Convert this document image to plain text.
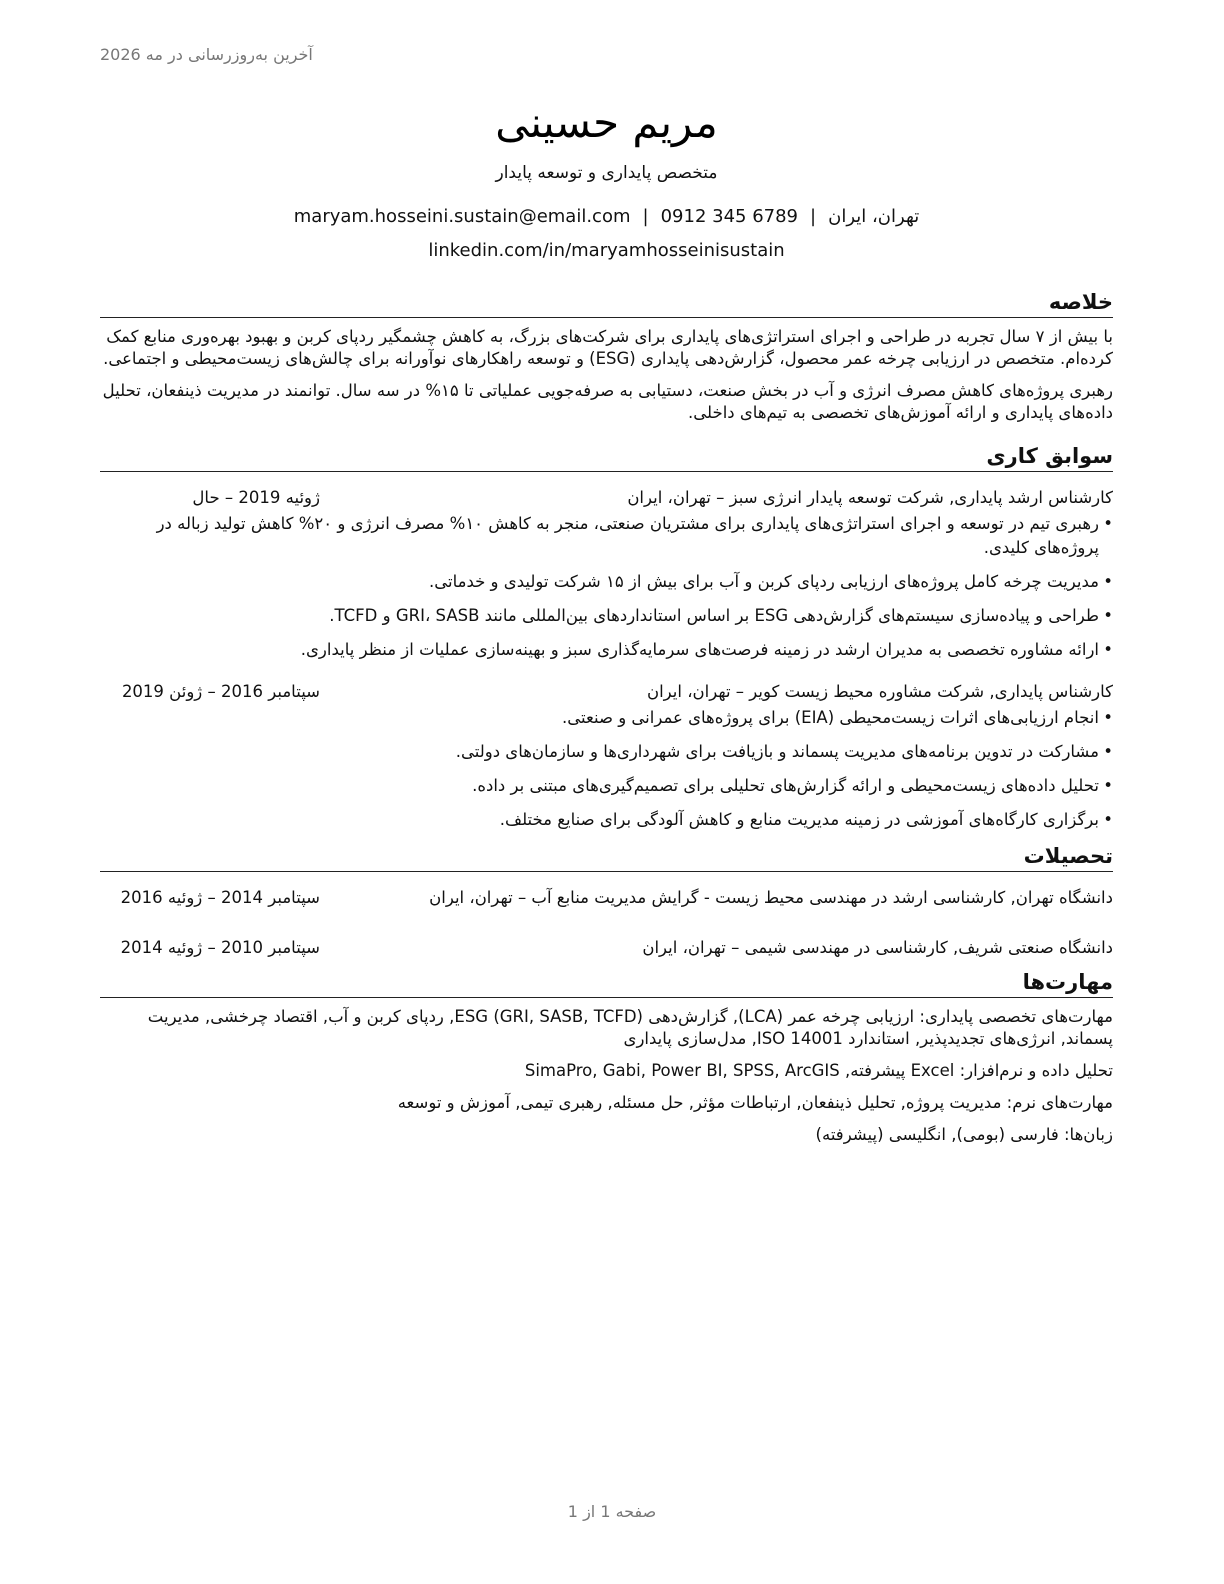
آخرین به‌روزرسانی در مه 2026
مریم حسینی
متخصص پایداری و توسعه پایدار
تهران، ایران|maryam.hosseini.sustain@email.com | 0912 345 6789
linkedin.com/in/maryamhosseinisustain
خلاصه

با بیش از ۷ سال تجربه در طراحی و اجرای استراتژی‌های پایداری برای شرکت‌های بزرگ، به کاهش چشمگیر ردپای کربن و بهبود بهره‌وری منابع کمک کرده‌ام. متخصص در ارزیابی چرخه عمر محصول، گزارش‌دهی پایداری (ESG) و توسعه راهکارهای نوآورانه برای چالش‌های زیست‌محیطی و اجتماعی.

رهبری پروژه‌های کاهش مصرف انرژی و آب در بخش صنعت، دستیابی به صرفه‌جویی عملیاتی تا ۱۵% در سه سال. توانمند در مدیریت ذینفعان، تحلیل داده‌های پایداری و ارائه آموزش‌های تخصصی به تیم‌های داخلی.

سوابق کاری
کارشناس ارشد پایداری, شرکت توسعه پایدار انرژی سبز – تهران، ایران
ژوئیه 2019 – حال
• رهبری تیم در توسعه و اجرای استراتژی‌های پایداری برای مشتریان صنعتی، منجر به کاهش ۱۰% مصرف انرژی و ۲۰% کاهش تولید زباله در پروژه‌های کلیدی.
• مدیریت چرخه کامل پروژه‌های ارزیابی ردپای کربن و آب برای بیش از ۱۵ شرکت تولیدی و خدماتی.
• طراحی و پیاده‌سازی سیستم‌های گزارش‌دهی ESG بر اساس استانداردهای بین‌المللی مانند GRI، SASB و TCFD.
• ارائه مشاوره تخصصی به مدیران ارشد در زمینه فرصت‌های سرمایه‌گذاری سبز و بهینه‌سازی عملیات از منظر پایداری.
کارشناس پایداری, شرکت مشاوره محیط زیست کویر – تهران، ایران
سپتامبر 2016 – ژوئن 2019
• انجام ارزیابی‌های اثرات زیست‌محیطی (EIA) برای پروژه‌های عمرانی و صنعتی.
• مشارکت در تدوین برنامه‌های مدیریت پسماند و بازیافت برای شهرداری‌ها و سازمان‌های دولتی.
• تحلیل داده‌های زیست‌محیطی و ارائه گزارش‌های تحلیلی برای تصمیم‌گیری‌های مبتنی بر داده.
• برگزاری کارگاه‌های آموزشی در زمینه مدیریت منابع و کاهش آلودگی برای صنایع مختلف.
تحصیلات
دانشگاه تهران, کارشناسی ارشد در مهندسی محیط زیست - گرایش مدیریت منابع آب – تهران، ایران
سپتامبر 2014 – ژوئیه 2016
دانشگاه صنعتی شریف, کارشناسی در مهندسی شیمی – تهران، ایران
سپتامبر 2010 – ژوئیه 2014
مهارت‌ها

مهارت‌های تخصصی پایداری: ارزیابی چرخه عمر (LCA), گزارش‌دهی ESG (GRI, SASB, TCFD), ردپای کربن و آب, اقتصاد چرخشی, مدیریت پسماند, انرژی‌های تجدیدپذیر, استاندارد ISO 14001, مدل‌سازی پایداری

تحلیل داده و نرم‌افزار: Excel پیشرفته, SimaPro, Gabi, Power BI, SPSS, ArcGIS

مهارت‌های نرم: مدیریت پروژه, تحلیل ذینفعان, ارتباطات مؤثر, حل مسئله, رهبری تیمی, آموزش و توسعه

زبان‌ها: فارسی (بومی), انگلیسی (پیشرفته)

صفحه 1 از 1
